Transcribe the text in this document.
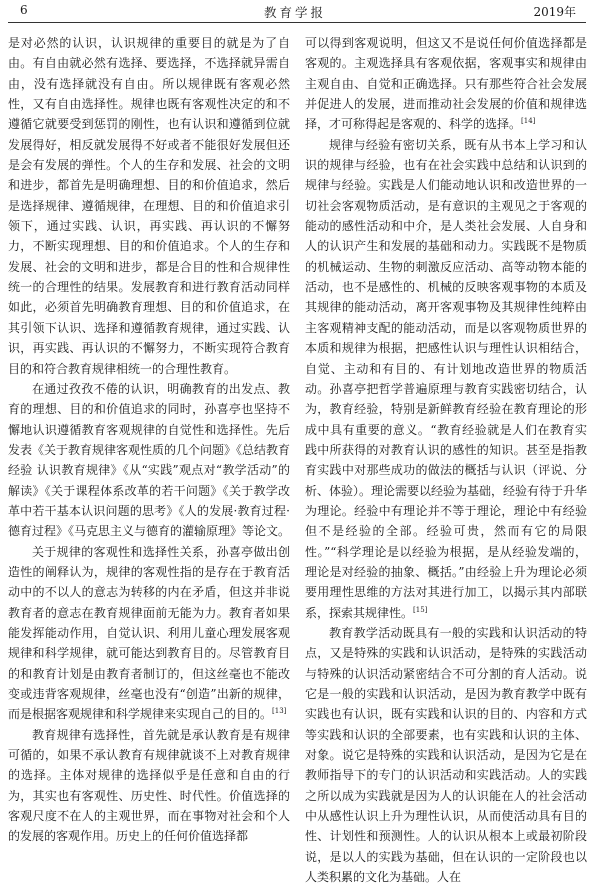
6	教育学报	2019年

是对必然的认识，认识规律的重要目的就是为了自由。有自由就必然有选择、要选择，不选择就异需自由，没有选择就没有自由。所以规律既有客观必然性，又有自由选择性。规律也既有客观性决定的和不遵循它就要受到惩罚的刚性，也有认识和遵循到位就发展得好，相反就发展得不好或者不能很好发展但还是会有发展的弹性。个人的生存和发展、社会的文明和进步，都首先是明确理想、目的和价值追求，然后是选择规律、遵循规律，在理想、目的和价值追求引领下，通过实践、认识，再实践、再认识的不懈努力，不断实现理想、目的和价值追求。个人的生存和发展、社会的文明和进步，都是合目的性和合规律性统一的合理性的结果。发展教育和进行教育活动同样如此，必须首先明确教育理想、目的和价值追求，在其引领下认识、选择和遵循教育规律，通过实践、认识，再实践、再认识的不懈努力，不断实现符合教育目的和符合教育规律相统一的合理性教育。

在通过孜孜不倦的认识，明确教育的出发点、教育的理想、目的和价值追求的同时，孙喜亭也坚持不懈地认识遵循教育客观规律的自觉性和选择性。先后发表《关于教育规律客观性质的几个问题》《总结教育经验 认识教育规律》《从“实践”观点对“教学活动”的解读》《关于课程体系改革的若干问题》《关于教学改革中若干基本认识问题的思考》《人的发展·教育过程·德育过程》《马克思主义与德育的灌输原理》等论文。

关于规律的客观性和选择性关系，孙喜亭做出创造性的阐释认为，规律的客观性指的是存在于教育活动中的不以人的意志为转移的内在矛盾，但这并非说教育者的意志在教育规律面前无能为力。教育者如果能发挥能动作用，自觉认识、利用儿童心理发展客观规律和科学规律，就可能达到教育目的。尽管教育目的和教育计划是由教育者制订的，但这丝毫也不能改变或违背客观规律，丝毫也没有“创造”出新的规律，而是根据客观规律和科学规律来实现自己的目的。[13]

教育规律有选择性，首先就是承认教育是有规律可循的，如果不承认教育有规律就谈不上对教育规律的选择。主体对规律的选择似乎是任意和自由的行为，其实也有客观性、历史性、时代性。价值选择的客观尺度不在人的主观世界，而在事物对社会和个人的发展的客观作用。历史上的任何价值选择都

可以得到客观说明，但这又不是说任何价值选择都是客观的。主观选择具有客观依据，客观事实和规律由主观自由、自觉和正确选择。只有那些符合社会发展并促进人的发展，进而推动社会发展的价值和规律选择，才可称得起是客观的、科学的选择。[14]

规律与经验有密切关系，既有从书本上学习和认识的规律与经验，也有在社会实践中总结和认识到的规律与经验。实践是人们能动地认识和改造世界的一切社会客观物质活动，是有意识的主观见之于客观的能动的感性活动和中介，是人类社会发展、人自身和人的认识产生和发展的基础和动力。实践既不是物质的机械运动、生物的刺激反应活动、高等动物本能的活动，也不是感性的、机械的反映客观事物的本质及其规律的能动活动，离开客观事物及其规律性纯粹由主客观精神支配的能动活动，而是以客观物质世界的本质和规律为根据，把感性认识与理性认识相结合，自觉、主动和有目的、有计划地改造世界的物质活动。孙喜亭把哲学普遍原理与教育实践密切结合，认为，教育经验，特别是新鲜教育经验在教育理论的形成中具有重要的意义。“教育经验就是人们在教育实践中所获得的对教育认识的感性的知识。甚至是指教育实践中对那些成功的做法的概括与认识（评说、分析、体验）。理论需要以经验为基础，经验有待于升华为理论。经验中有理论并不等于理论，理论中有经验但不是经验的全部。经验可贵，然而有它的局限性。”“科学理论是以经验为根据，是从经验发端的，理论是对经验的抽象、概括。”由经验上升为理论必须要用理性思维的方法对其进行加工，以揭示其内部联系，探索其规律性。[15]

教育教学活动既具有一般的实践和认识活动的特点，又是特殊的实践和认识活动，是特殊的实践活动与特殊的认识活动紧密结合不可分割的育人活动。说它是一般的实践和认识活动，是因为教育教学中既有实践也有认识，既有实践和认识的目的、内容和方式等实践和认识的全部要素，也有实践和认识的主体、对象。说它是特殊的实践和认识活动，是因为它是在教师指导下的专门的认识活动和实践活动。人的实践之所以成为实践就是因为人的认识能在人的社会活动中从感性认识上升为理性认识，从而使活动具有目的性、计划性和预测性。人的认识从根本上或最初阶段说，是以人的实践为基础，但在认识的一定阶段也以人类积累的文化为基础。人在
